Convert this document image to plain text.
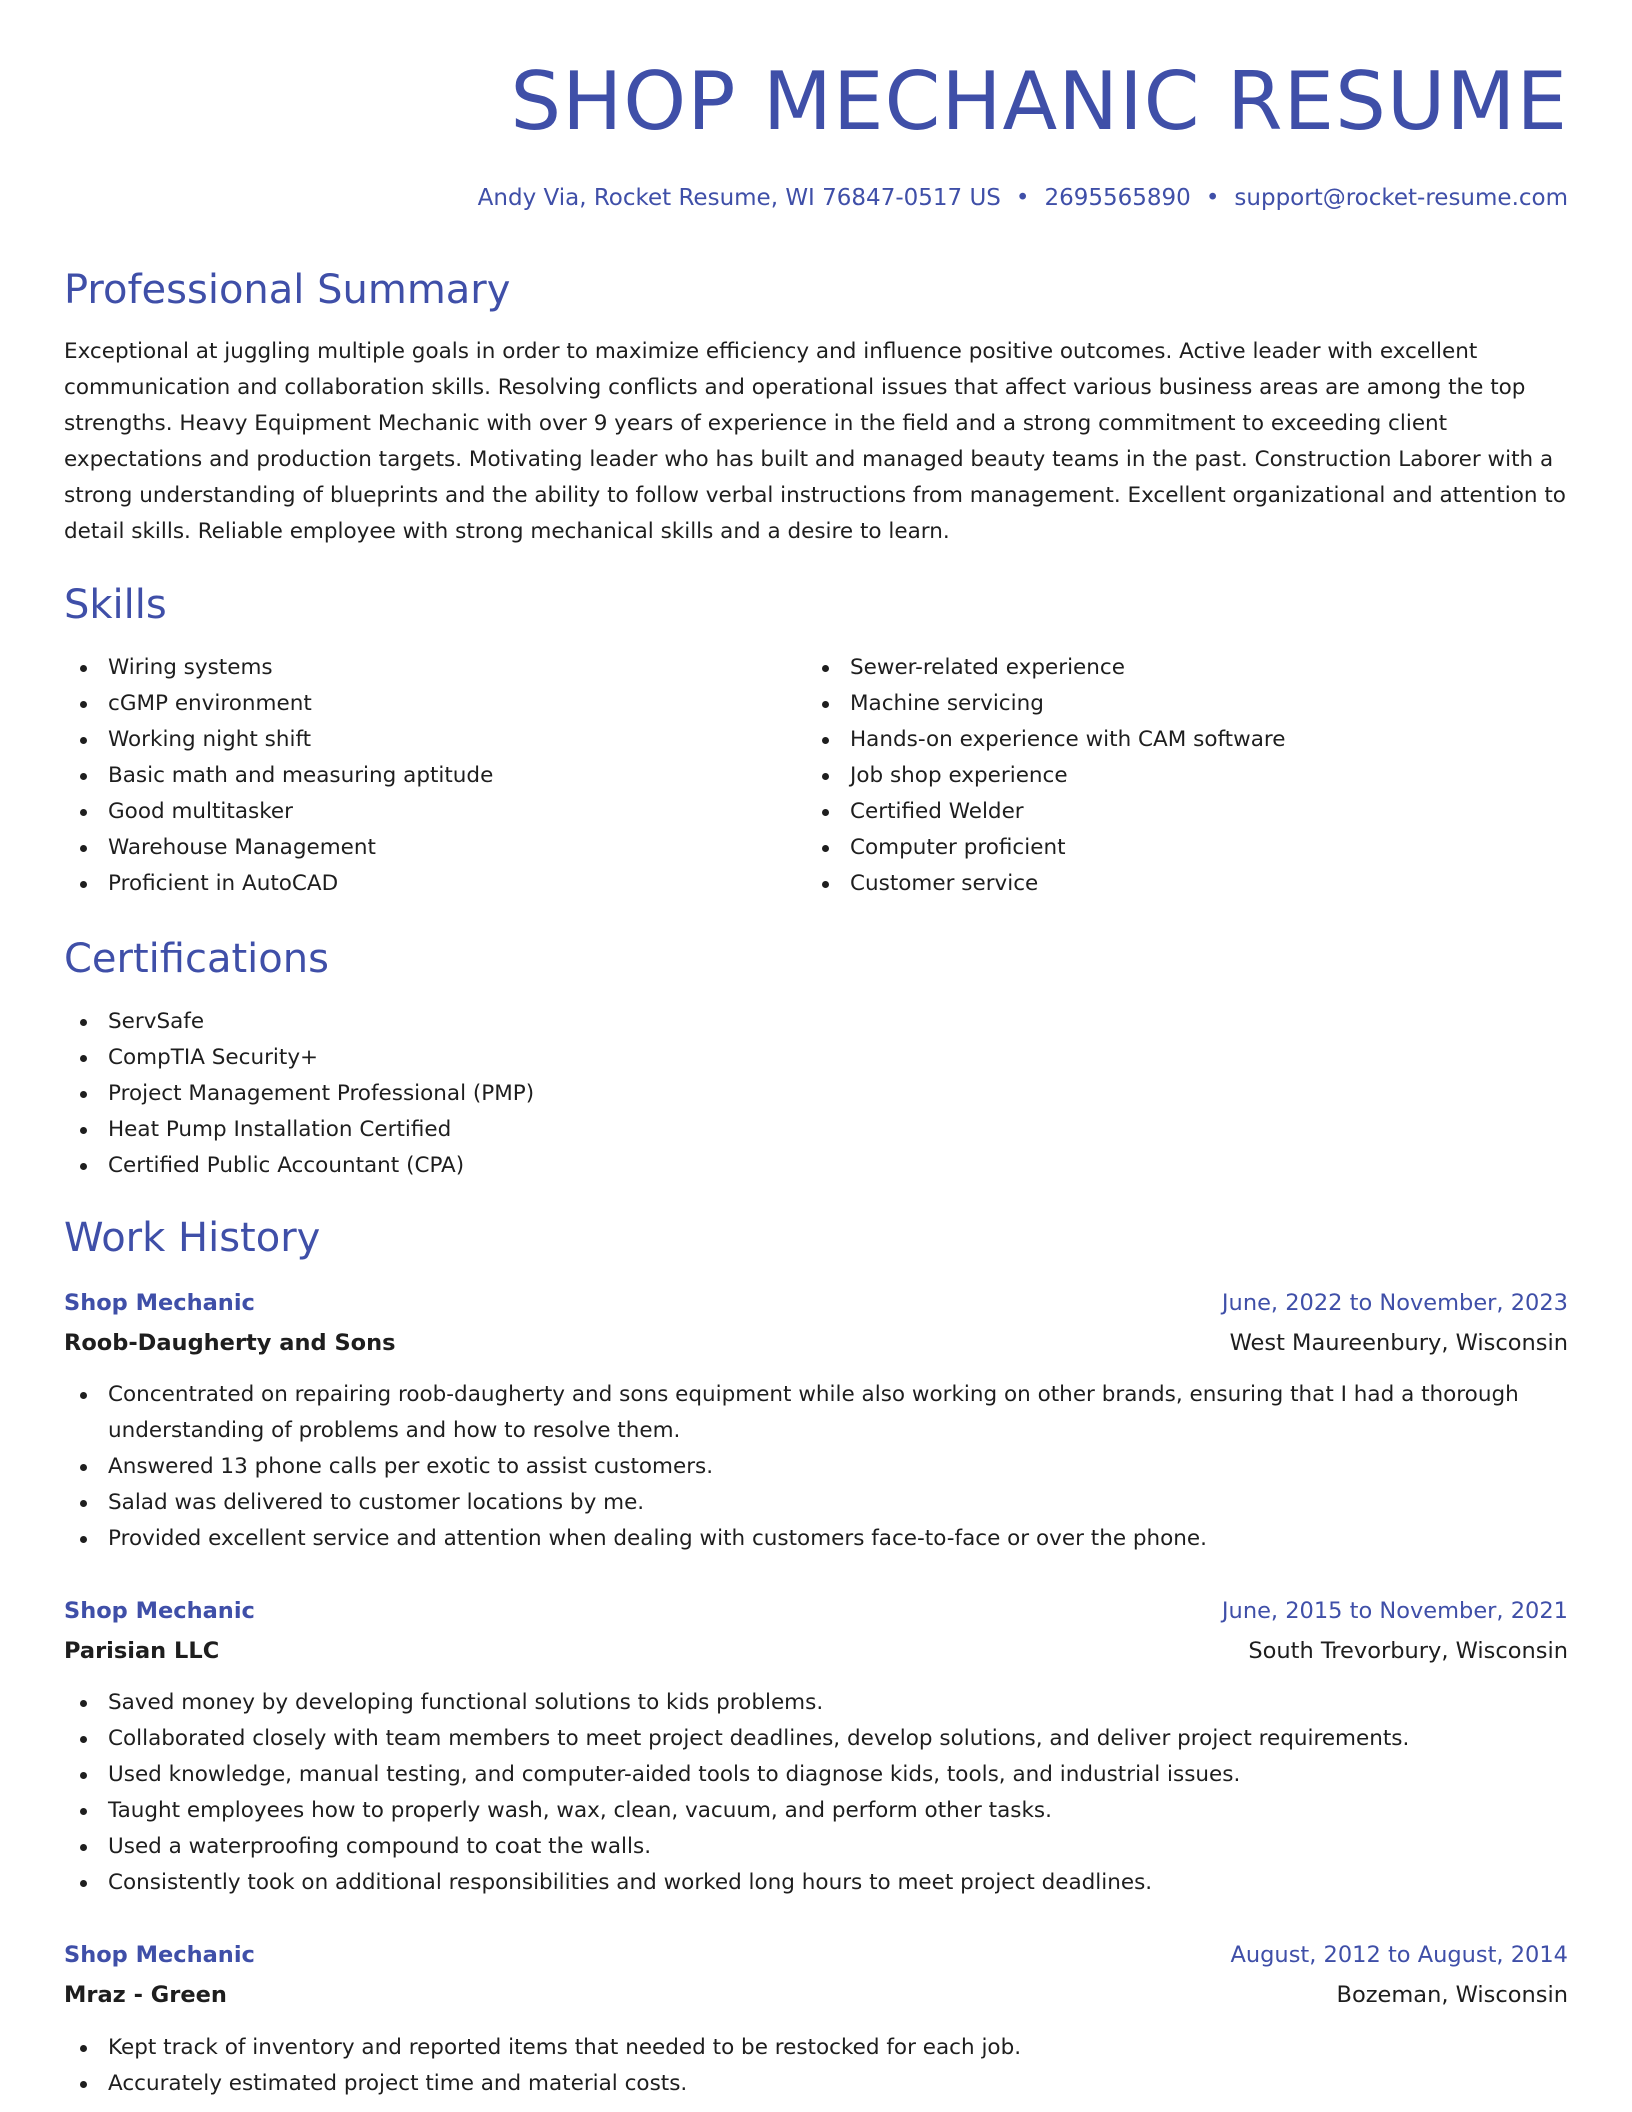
SHOP MECHANIC RESUME
Andy Via, Rocket Resume, WI 76847-0517 US • 2695565890 • support@rocket-resume.com
Professional Summary

Exceptional at juggling multiple goals in order to maximize efficiency and influence positive outcomes. Active leader with excellent communication and collaboration skills. Resolving conflicts and operational issues that affect various business areas are among the top strengths. Heavy Equipment Mechanic with over 9 years of experience in the field and a strong commitment to exceeding client expectations and production targets. Motivating leader who has built and managed beauty teams in the past. Construction Laborer with a strong understanding of blueprints and the ability to follow verbal instructions from management. Excellent organizational and attention to detail skills. Reliable employee with strong mechanical skills and a desire to learn.

Skills
Wiring systems
cGMP environment
Working night shift
Basic math and measuring aptitude
Good multitasker
Warehouse Management
Proficient in AutoCAD
Sewer-related experience
Machine servicing
Hands-on experience with CAM software
Job shop experience
Certified Welder
Computer proficient
Customer service
Certifications
ServSafe
CompTIA Security+
Project Management Professional (PMP)
Heat Pump Installation Certified
Certified Public Accountant (CPA)
Work History
Shop Mechanic	June, 2022 to November, 2023
Roob-Daugherty and Sons	West Maureenbury, Wisconsin
Concentrated on repairing roob-daugherty and sons equipment while also working on other brands, ensuring that I had a thorough understanding of problems and how to resolve them.
Answered 13 phone calls per exotic to assist customers.
Salad was delivered to customer locations by me.
Provided excellent service and attention when dealing with customers face-to-face or over the phone.
Shop Mechanic	June, 2015 to November, 2021
Parisian LLC	South Trevorbury, Wisconsin
Saved money by developing functional solutions to kids problems.
Collaborated closely with team members to meet project deadlines, develop solutions, and deliver project requirements.
Used knowledge, manual testing, and computer-aided tools to diagnose kids, tools, and industrial issues.
Taught employees how to properly wash, wax, clean, vacuum, and perform other tasks.
Used a waterproofing compound to coat the walls.
Consistently took on additional responsibilities and worked long hours to meet project deadlines.
Shop Mechanic	August, 2012 to August, 2014
Mraz - Green	Bozeman, Wisconsin
Kept track of inventory and reported items that needed to be restocked for each job.
Accurately estimated project time and material costs.
